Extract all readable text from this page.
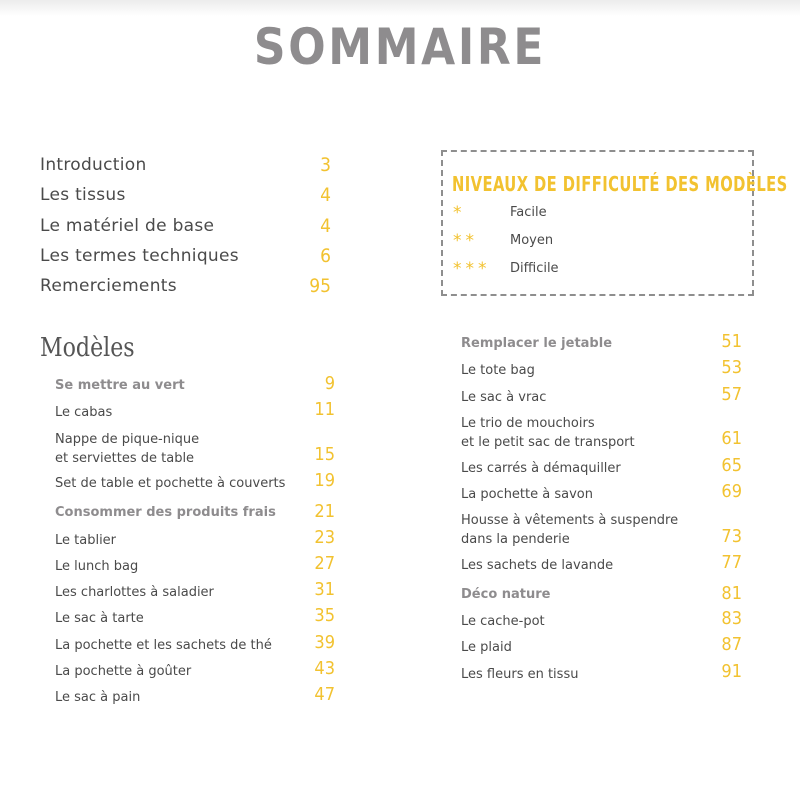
SOMMAIRE
Introduction	3
Les tissus	4
Le matériel de base	4
Les termes techniques	6
Remerciements	95
NIVEAUX DE DIFFICULTÉ DES MODÈLES
*	Facile
** Moyen
*** Difficile
Modèles
Se mettre au vert	9
Le cabas	11
Nappe de pique-nique
et serviettes de table	15
Set de table et pochette à couverts	19
Consommer des produits frais	21
Le tablier	23
Le lunch bag	27
Les charlottes à saladier	31
Le sac à tarte	35
La pochette et les sachets de thé	39
La pochette à goûter	43
Le sac à pain	47
Remplacer le jetable	51
Le tote bag	53
Le sac à vrac	57
Le trio de mouchoirs
et le petit sac de transport	61
Les carrés à démaquiller	65
La pochette à savon	69
Housse à vêtements à suspendre
dans la penderie	73
Les sachets de lavande	77
Déco nature	81
Le cache-pot	83
Le plaid	87
Les fleurs en tissu	91
